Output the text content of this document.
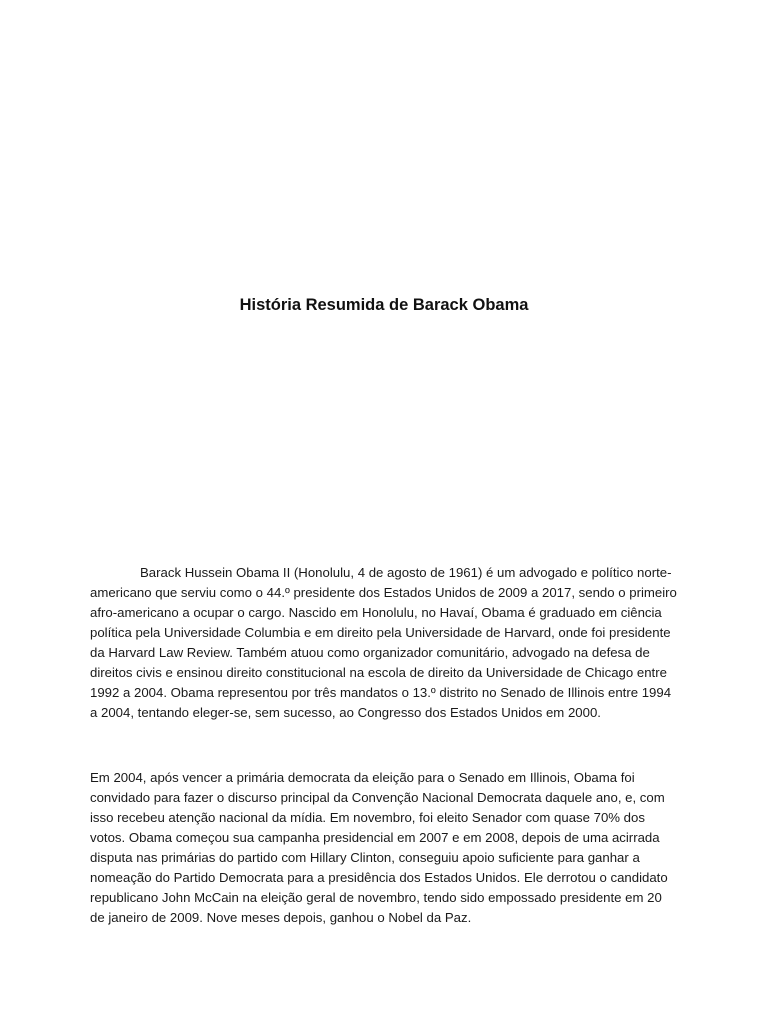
História Resumida de Barack Obama

Barack Hussein Obama II (Honolulu, 4 de agosto de 1961) é um advogado e político norte-americano que serviu como o 44.º presidente dos Estados Unidos de 2009 a 2017, sendo o primeiro afro-americano a ocupar o cargo. Nascido em Honolulu, no Havaí, Obama é graduado em ciência política pela Universidade Columbia e em direito pela Universidade de Harvard, onde foi presidente da Harvard Law Review. Também atuou como organizador comunitário, advogado na defesa de direitos civis e ensinou direito constitucional na escola de direito da Universidade de Chicago entre 1992 a 2004. Obama representou por três mandatos o 13.º distrito no Senado de Illinois entre 1994 a 2004, tentando eleger-se, sem sucesso, ao Congresso dos Estados Unidos em 2000.

Em 2004, após vencer a primária democrata da eleição para o Senado em Illinois, Obama foi convidado para fazer o discurso principal da Convenção Nacional Democrata daquele ano, e, com isso recebeu atenção nacional da mídia. Em novembro, foi eleito Senador com quase 70% dos votos. Obama começou sua campanha presidencial em 2007 e em 2008, depois de uma acirrada disputa nas primárias do partido com Hillary Clinton, conseguiu apoio suficiente para ganhar a nomeação do Partido Democrata para a presidência dos Estados Unidos. Ele derrotou o candidato republicano John McCain na eleição geral de novembro, tendo sido empossado presidente em 20 de janeiro de 2009. Nove meses depois, ganhou o Nobel da Paz.
